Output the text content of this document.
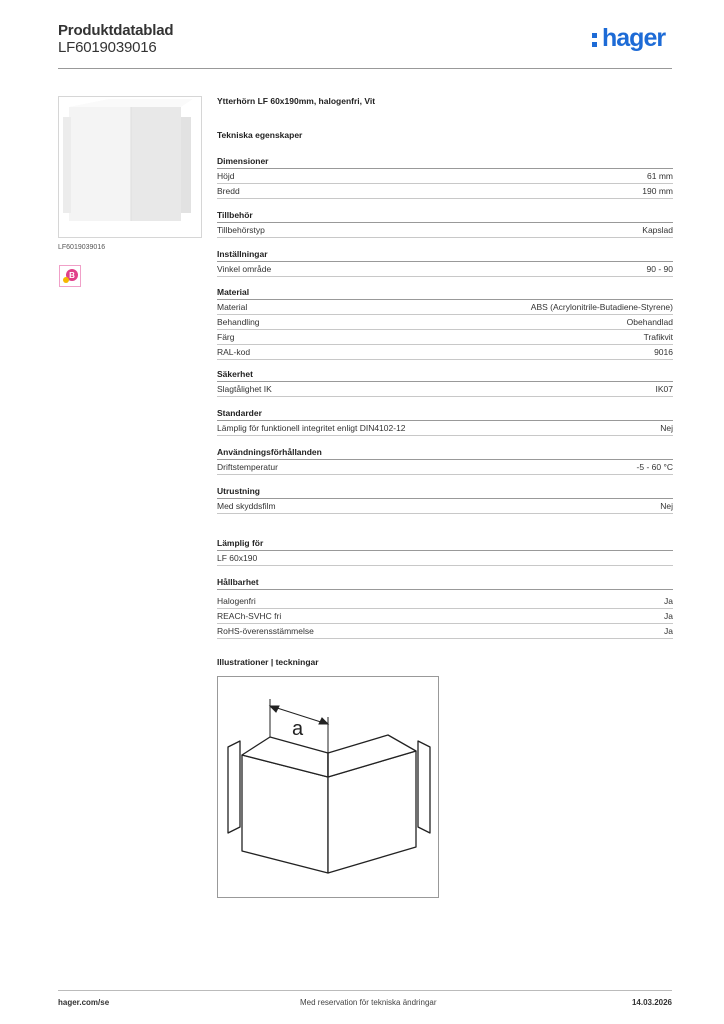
Produktdatablad
LF6019039016	hager
LF6019039016
B
Ytterhörn LF 60x190mm, halogenfri, Vit
Tekniska egenskaper
Dimensioner
Höjd	61 mm
Bredd	190 mm
Tillbehör
Tillbehörstyp	Kapslad
Inställningar
Vinkel område	90 - 90
Material
Material	ABS (Acrylonitrile-Butadiene-Styrene)
Behandling	Obehandlad
Färg	Trafikvit
RAL-kod	9016
Säkerhet
Slagtålighet IK	IK07
Standarder
Lämplig för funktionell integritet enligt DIN4102-12	Nej
Användningsförhållanden
Driftstemperatur	-5 - 60 °C
Utrustning
Med skyddsfilm	Nej
Lämplig för
LF 60x190
Hållbarhet
Halogenfri	Ja
REACh-SVHC fri	Ja
RoHS-överensstämmelse	Ja
Illustrationer | teckningar
a
hager.com/se	Med reservation för tekniska ändringar	14.03.2026
